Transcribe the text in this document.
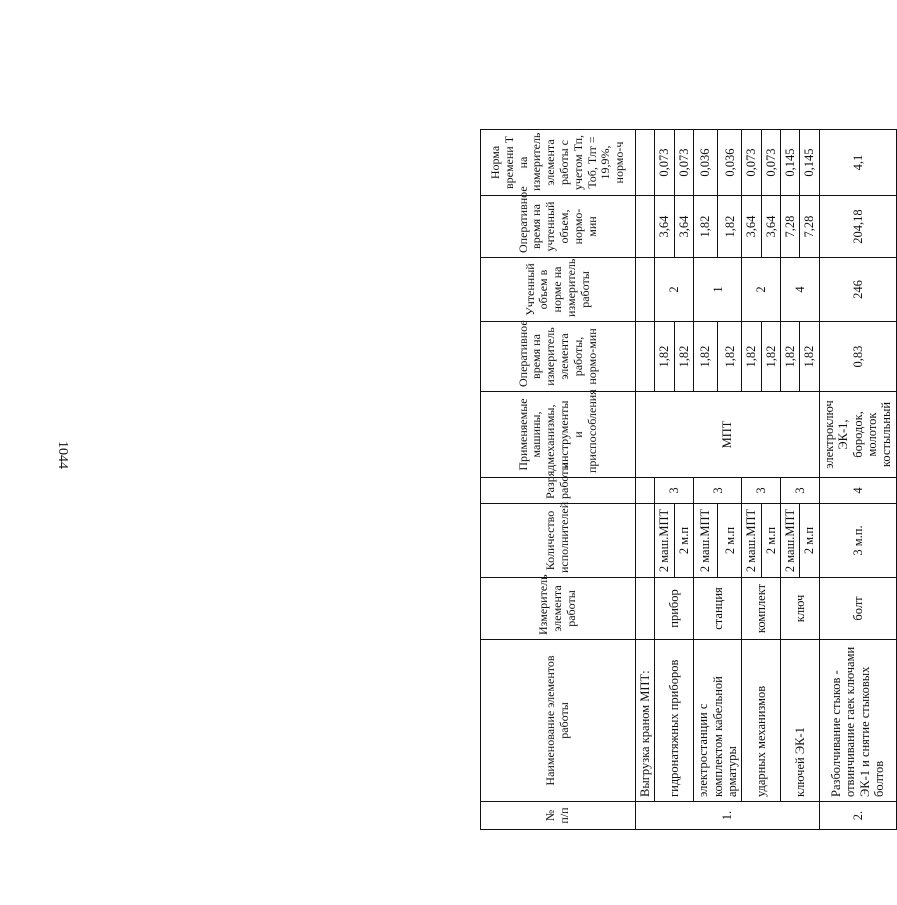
1044
№ п/п	Наименование элементов работы	Измеритель элемента работы	Количество исполнителей	Разряд работы	Применяемые машины, механизмы, инструменты и приспособления	Оперативное время на измеритель элемента работы, нормо-мин	Учтенный объем в норме на измеритель работы	Оперативное время на учтенный объем, нормо-мин	Норма времени Т на измеритель элемента работы с учетом Тп, Тоб, Тлт = 19,9%, нормо-ч
1.	Выгрузка краном МПТ:				МПТ				
	гидронатяжных приборов	прибор	2 маш.МПТ	3		1,82	2	3,64	0,073
			2 м.п			1,82		3,64	0,073
	электростанции с комплектом кабельной арматуры	станция	2 маш.МПТ	3		1,82	1	1,82	0,036
			2 м.п			1,82		1,82	0,036
	ударных механизмов	комплект	2 маш.МПТ	3		1,82	2	3,64	0,073
			2 м.п			1,82		3,64	0,073
	ключей ЭК-1	ключ	2 маш.МПТ	3		1,82	4	7,28	0,145
			2 м.п			1,82		7,28	0,145
2.	Разболчивание стыков - отвинчивание гаек ключами ЭК-1 и снятие стыковых болтов	болт	3 м.п.	4	электроключ ЭК-1, бородок, молоток костыльный	0,83	246	204,18	4,1
